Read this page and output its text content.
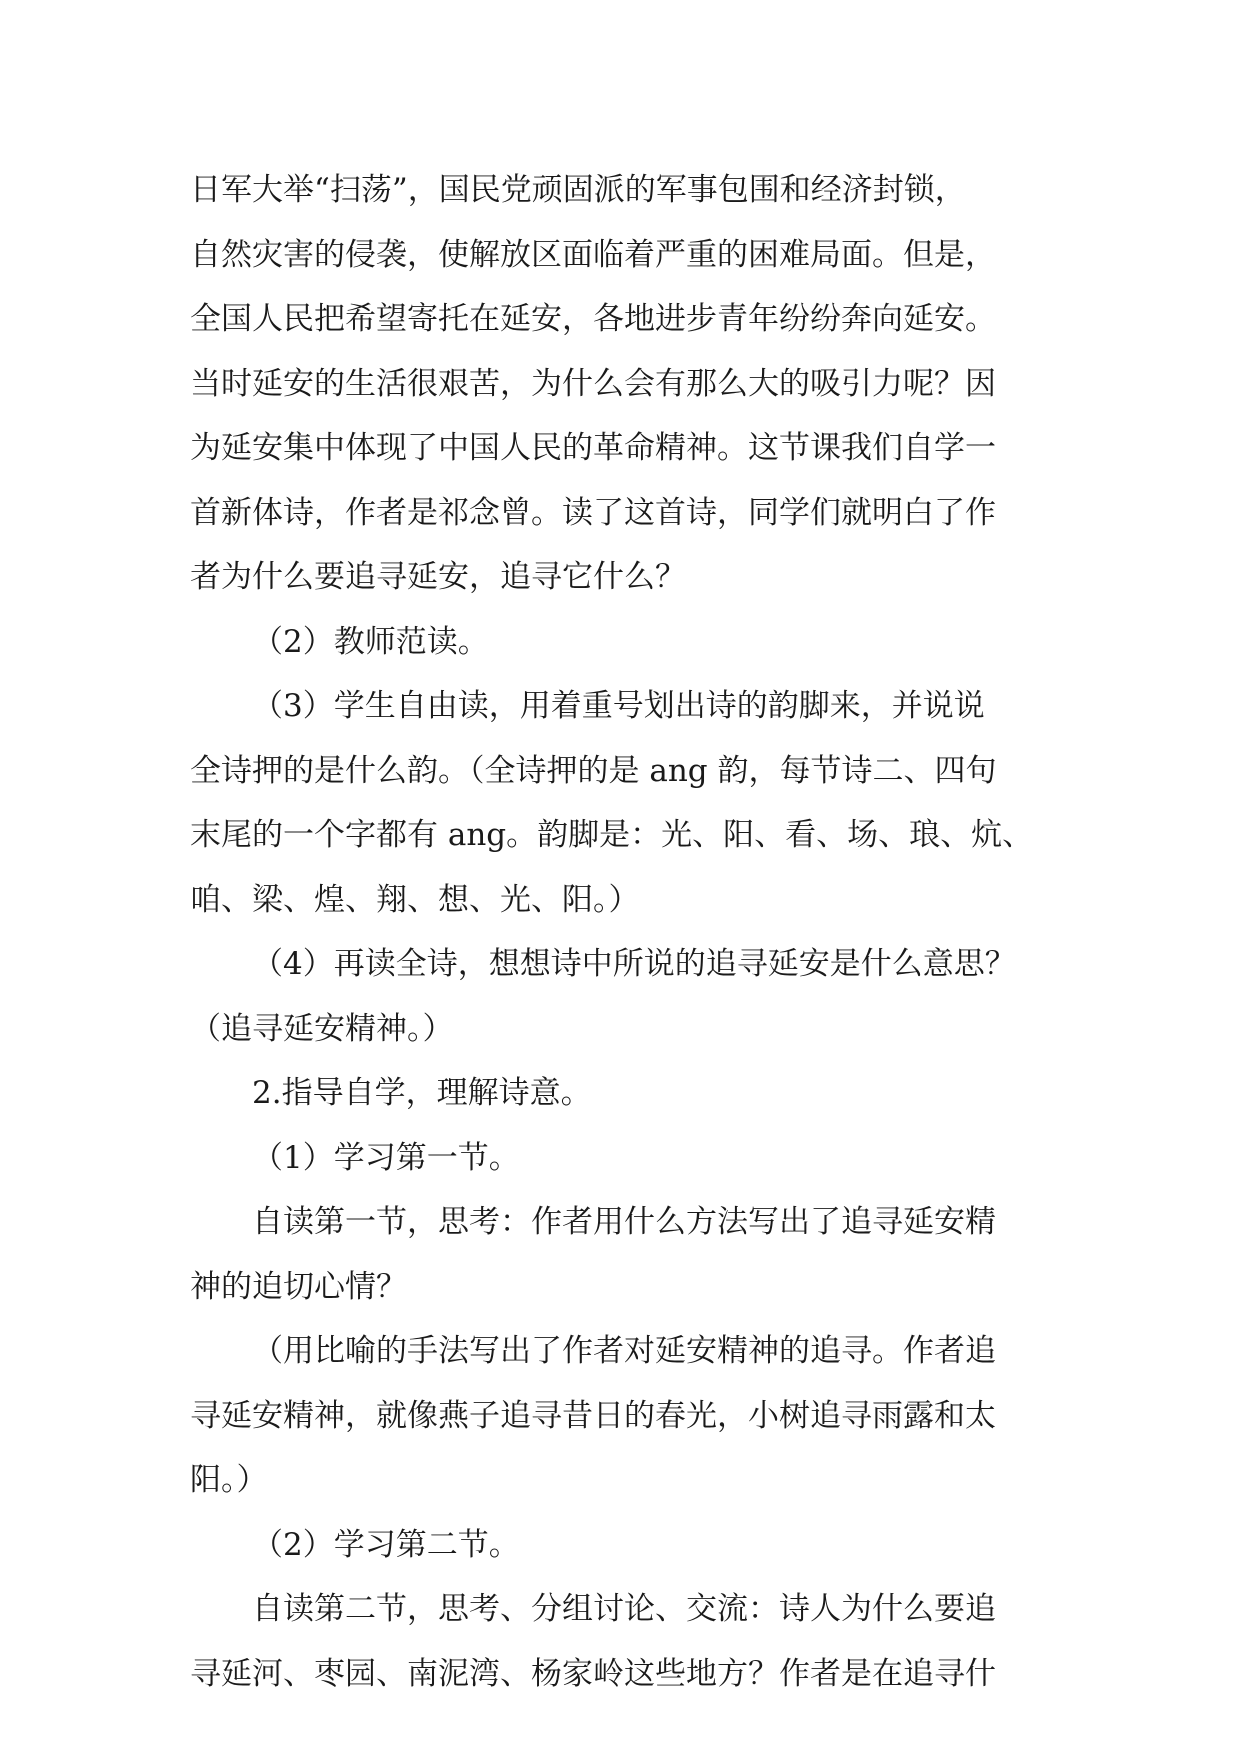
日军大举“扫荡”，国民党顽固派的军事包围和经济封锁，
自然灾害的侵袭，使解放区面临着严重的困难局面。但是，
全国人民把希望寄托在延安，各地进步青年纷纷奔向延安。
当时延安的生活很艰苦，为什么会有那么大的吸引力呢？因
为延安集中体现了中国人民的革命精神。这节课我们自学一
首新体诗，作者是祁念曾。读了这首诗，同学们就明白了作
者为什么要追寻延安，追寻它什么？
（2）教师范读。
（3）学生自由读，用着重号划出诗的韵脚来，并说说
全诗押的是什么韵。（全诗押的是 ang 韵，每节诗二、四句
末尾的一个字都有 ang。韵脚是：光、阳、看、场、琅、炕、
咱、梁、煌、翔、想、光、阳。）
（4）再读全诗，想想诗中所说的追寻延安是什么意思？
（追寻延安精神。）
2.指导自学，理解诗意。
（1）学习第一节。
自读第一节，思考：作者用什么方法写出了追寻延安精
神的迫切心情？
（用比喻的手法写出了作者对延安精神的追寻。作者追
寻延安精神，就像燕子追寻昔日的春光，小树追寻雨露和太
阳。）
（2）学习第二节。
自读第二节，思考、分组讨论、交流：诗人为什么要追
寻延河、枣园、南泥湾、杨家岭这些地方？作者是在追寻什
